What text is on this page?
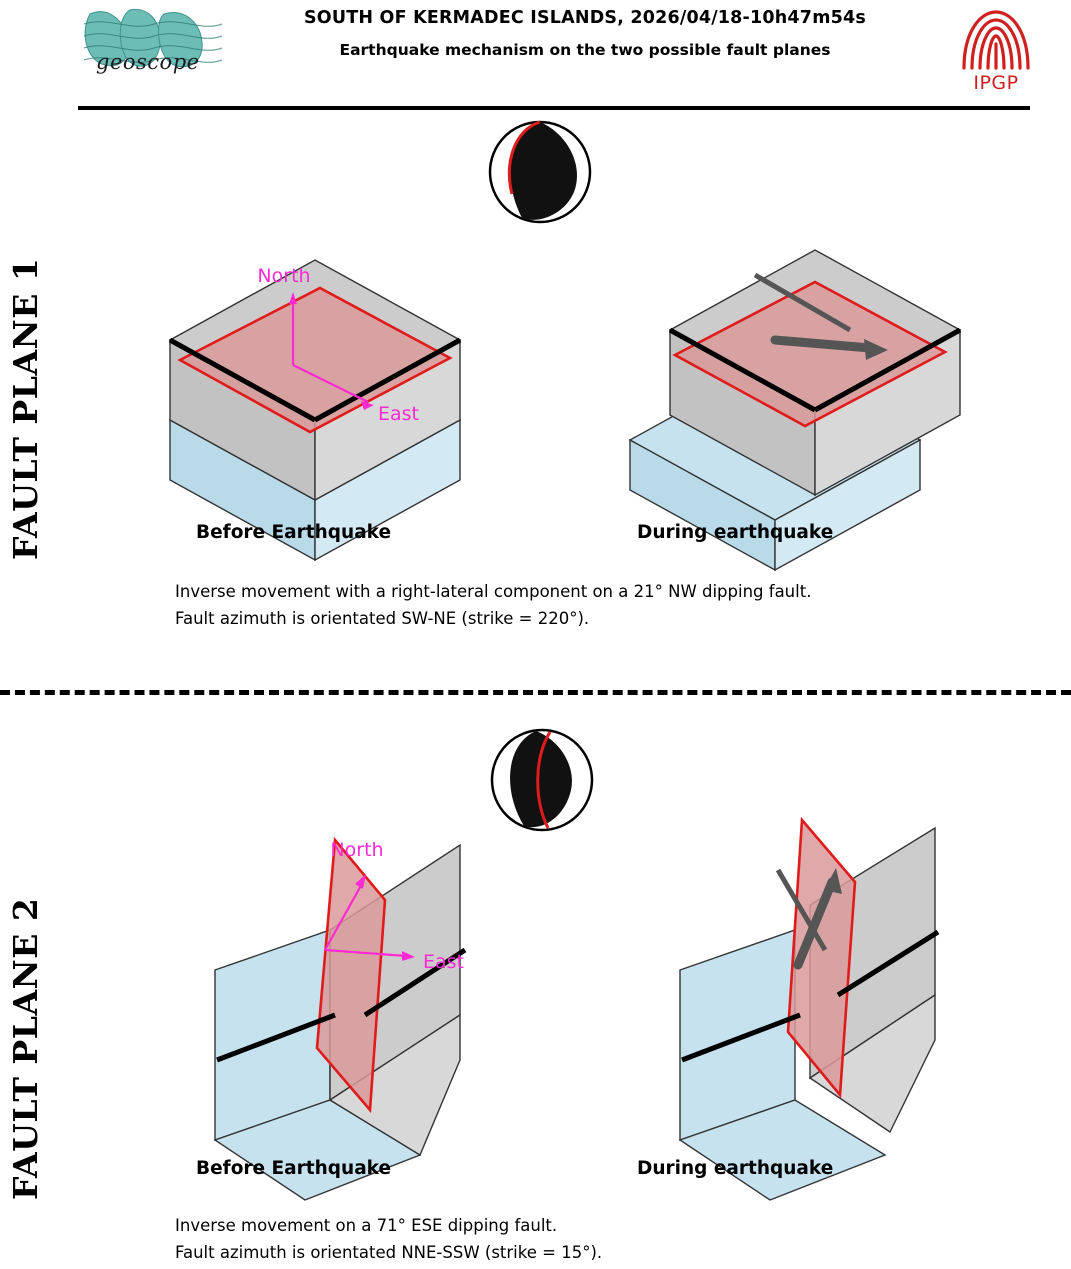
geoscope
SOUTH OF KERMADEC ISLANDS, 2026/04/18-10h47m54s
Earthquake mechanism on the two possible fault planes
IPGP
FAULT PLANE 1
FAULT PLANE 2
North
East
Before Earthquake	During earthquake
Inverse movement with a right-lateral component on a 21° NW dipping fault.
Fault azimuth is orientated SW-NE (strike = 220°).
North
East
Before Earthquake	During earthquake
Inverse movement on a 71° ESE dipping fault.
Fault azimuth is orientated NNE-SSW (strike = 15°).
